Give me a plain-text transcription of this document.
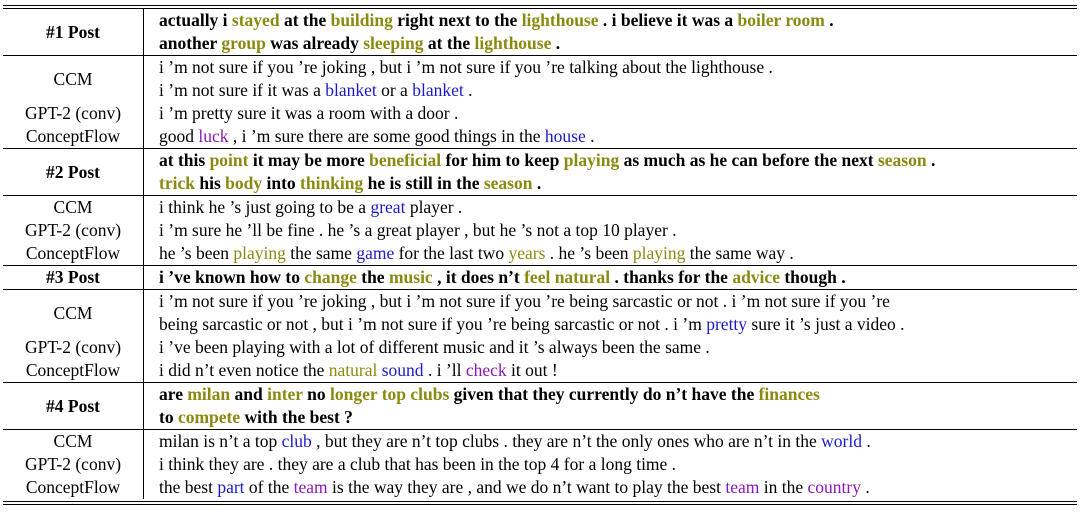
#1 Post	actually i stayed at the building right next to the lighthouse . i believe it was a boiler room .
another group was already sleeping at the lighthouse .

CCM	i ’m not sure if you ’re joking , but i ’m not sure if you ’re talking about the lighthouse .
i ’m not sure if it was a blanket or a blanket .

GPT-2 (conv)	i ’m pretty sure it was a room with a door .

ConceptFlow	good luck , i ’m sure there are some good things in the house .

#2 Post	at this point it may be more beneficial for him to keep playing as much as he can before the next season .
trick his body into thinking he is still in the season .

CCM	i think he ’s just going to be a great player .

GPT-2 (conv)	i ’m sure he ’ll be fine . he ’s a great player , but he ’s not a top 10 player .

ConceptFlow	he ’s been playing the same game for the last two years . he ’s been playing the same way .

#3 Post	i ’ve known how to change the music , it does n’t feel natural . thanks for the advice though .

CCM	i ’m not sure if you ’re joking , but i ’m not sure if you ’re being sarcastic or not . i ’m not sure if you ’re
being sarcastic or not , but i ’m not sure if you ’re being sarcastic or not . i ’m pretty sure it ’s just a video .

GPT-2 (conv)	i ’ve been playing with a lot of different music and it ’s always been the same .

ConceptFlow	i did n’t even notice the natural sound . i ’ll check it out !

#4 Post	are milan and inter no longer top clubs given that they currently do n’t have the finances
to compete with the best ?

CCM	milan is n’t a top club , but they are n’t top clubs . they are n’t the only ones who are n’t in the world .

GPT-2 (conv)	i think they are . they are a club that has been in the top 4 for a long time .

ConceptFlow	the best part of the team is the way they are , and we do n’t want to play the best team in the country .
